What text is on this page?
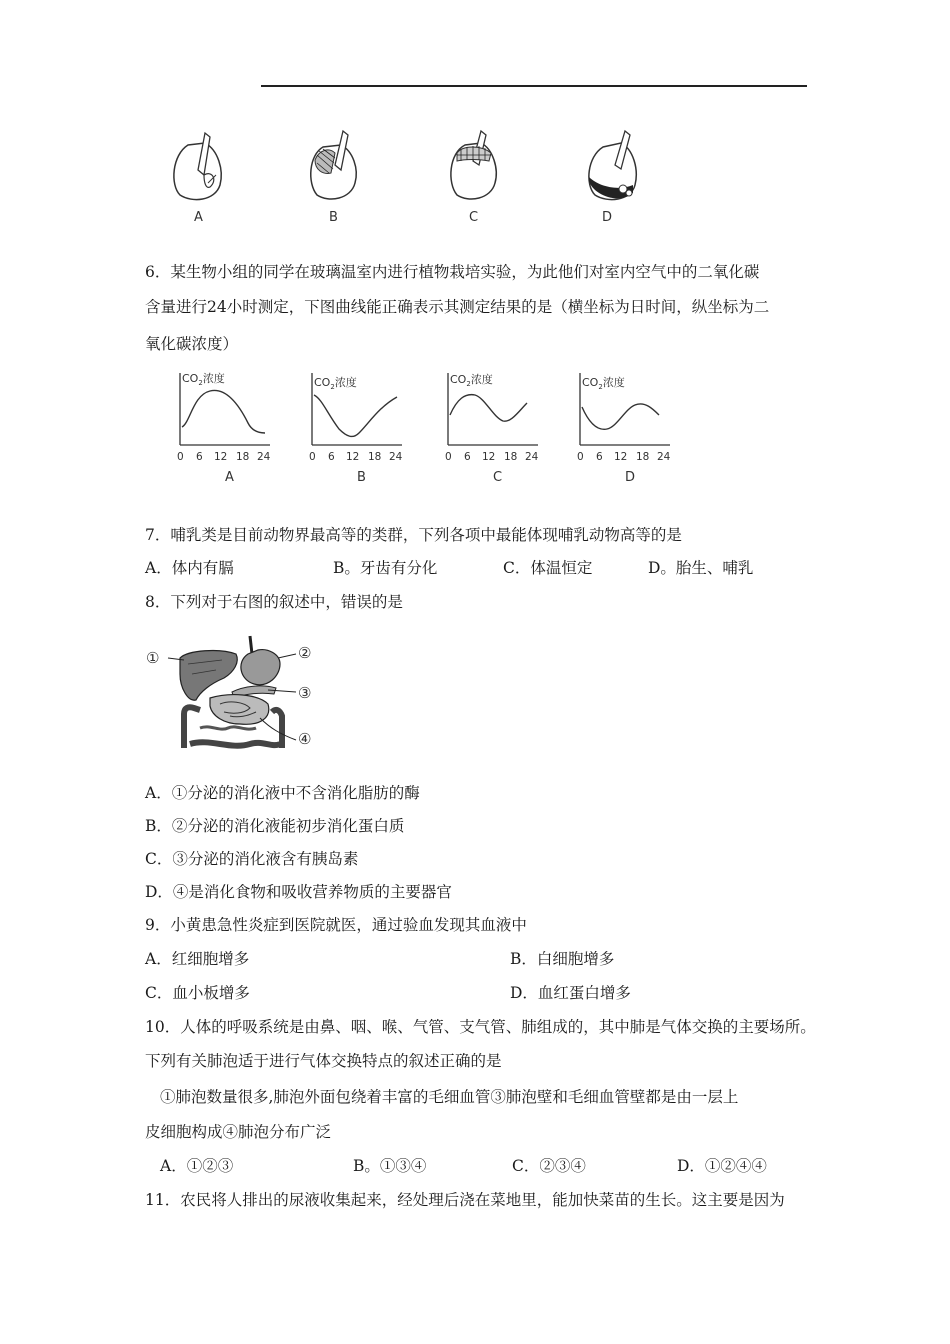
A	B	C	D
6．某生物小组的同学在玻璃温室内进行植物栽培实验，为此他们对室内空气中的二氧化碳
含量进行24小时测定，下图曲线能正确表示其测定结果的是（横坐标为日时间，纵坐标为二
氧化碳浓度）
$CO_2$浓度
0 6 12 18 24
A
$CO_2$浓度
0 6 12 18 24
B
$CO_2$浓度
0 6 12 18 24
C
$CO_2$浓度
0 6 12 18 24
D
7．哺乳类是目前动物界最高等的类群，下列各项中最能体现哺乳动物高等的是
A．体内有膈	B。牙齿有分化	C．体温恒定	D。胎生、哺乳
8．下列对于右图的叙述中，错误的是
①	②
③
④
A．①分泌的消化液中不含消化脂肪的酶
B．②分泌的消化液能初步消化蛋白质
C．③分泌的消化液含有胰岛素
D．④是消化食物和吸收营养物质的主要器官
9．小黄患急性炎症到医院就医，通过验血发现其血液中
A．红细胞增多	B．白细胞增多
C．血小板增多	D．血红蛋白增多
10．人体的呼吸系统是由鼻、咽、喉、气管、支气管、肺组成的，其中肺是气体交换的主要场所。
下列有关肺泡适于进行气体交换特点的叙述正确的是
①肺泡数量很多,肺泡外面包绕着丰富的毛细血管③肺泡壁和毛细血管壁都是由一层上
皮细胞构成④肺泡分布广泛
A．①②③	B。①③④	C．②③④	D．①②④④
11．农民将人排出的尿液收集起来，经处理后浇在菜地里，能加快菜苗的生长。这主要是因为
